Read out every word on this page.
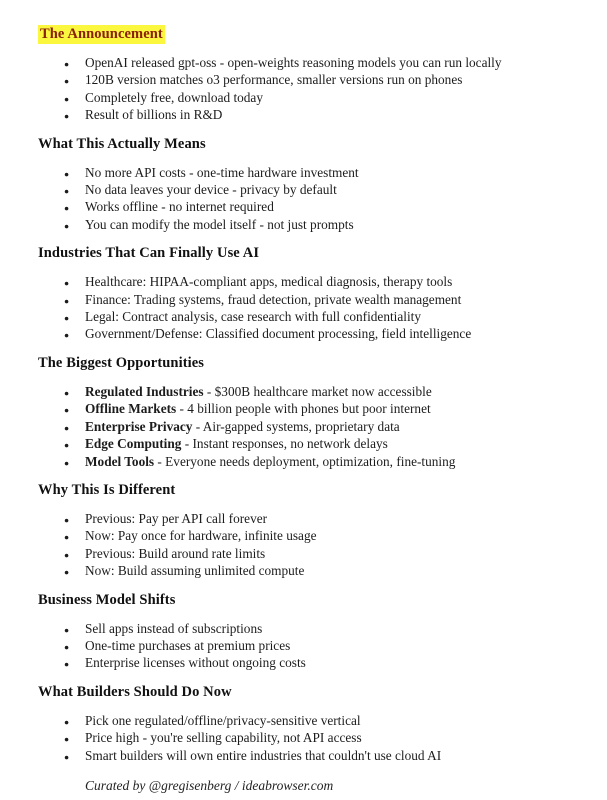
The Announcement
● OpenAI released gpt-oss - open-weights reasoning models you can run locally
● 120B version matches o3 performance, smaller versions run on phones
● Completely free, download today
● Result of billions in R&D
What This Actually Means
● No more API costs - one-time hardware investment
● No data leaves your device - privacy by default
● Works offline - no internet required
● You can modify the model itself - not just prompts
Industries That Can Finally Use AI
● Healthcare: HIPAA-compliant apps, medical diagnosis, therapy tools
● Finance: Trading systems, fraud detection, private wealth management
● Legal: Contract analysis, case research with full confidentiality
● Government/Defense: Classified document processing, field intelligence
The Biggest Opportunities
● Regulated Industries - $300B healthcare market now accessible
● Offline Markets - 4 billion people with phones but poor internet
● Enterprise Privacy - Air-gapped systems, proprietary data
● Edge Computing - Instant responses, no network delays
● Model Tools - Everyone needs deployment, optimization, fine-tuning
Why This Is Different
● Previous: Pay per API call forever
● Now: Pay once for hardware, infinite usage
● Previous: Build around rate limits
● Now: Build assuming unlimited compute
Business Model Shifts
● Sell apps instead of subscriptions
● One-time purchases at premium prices
● Enterprise licenses without ongoing costs
What Builders Should Do Now
● Pick one regulated/offline/privacy-sensitive vertical
● Price high - you're selling capability, not API access
● Smart builders will own entire industries that couldn't use cloud AI
Curated by @gregisenberg / ideabrowser.com
